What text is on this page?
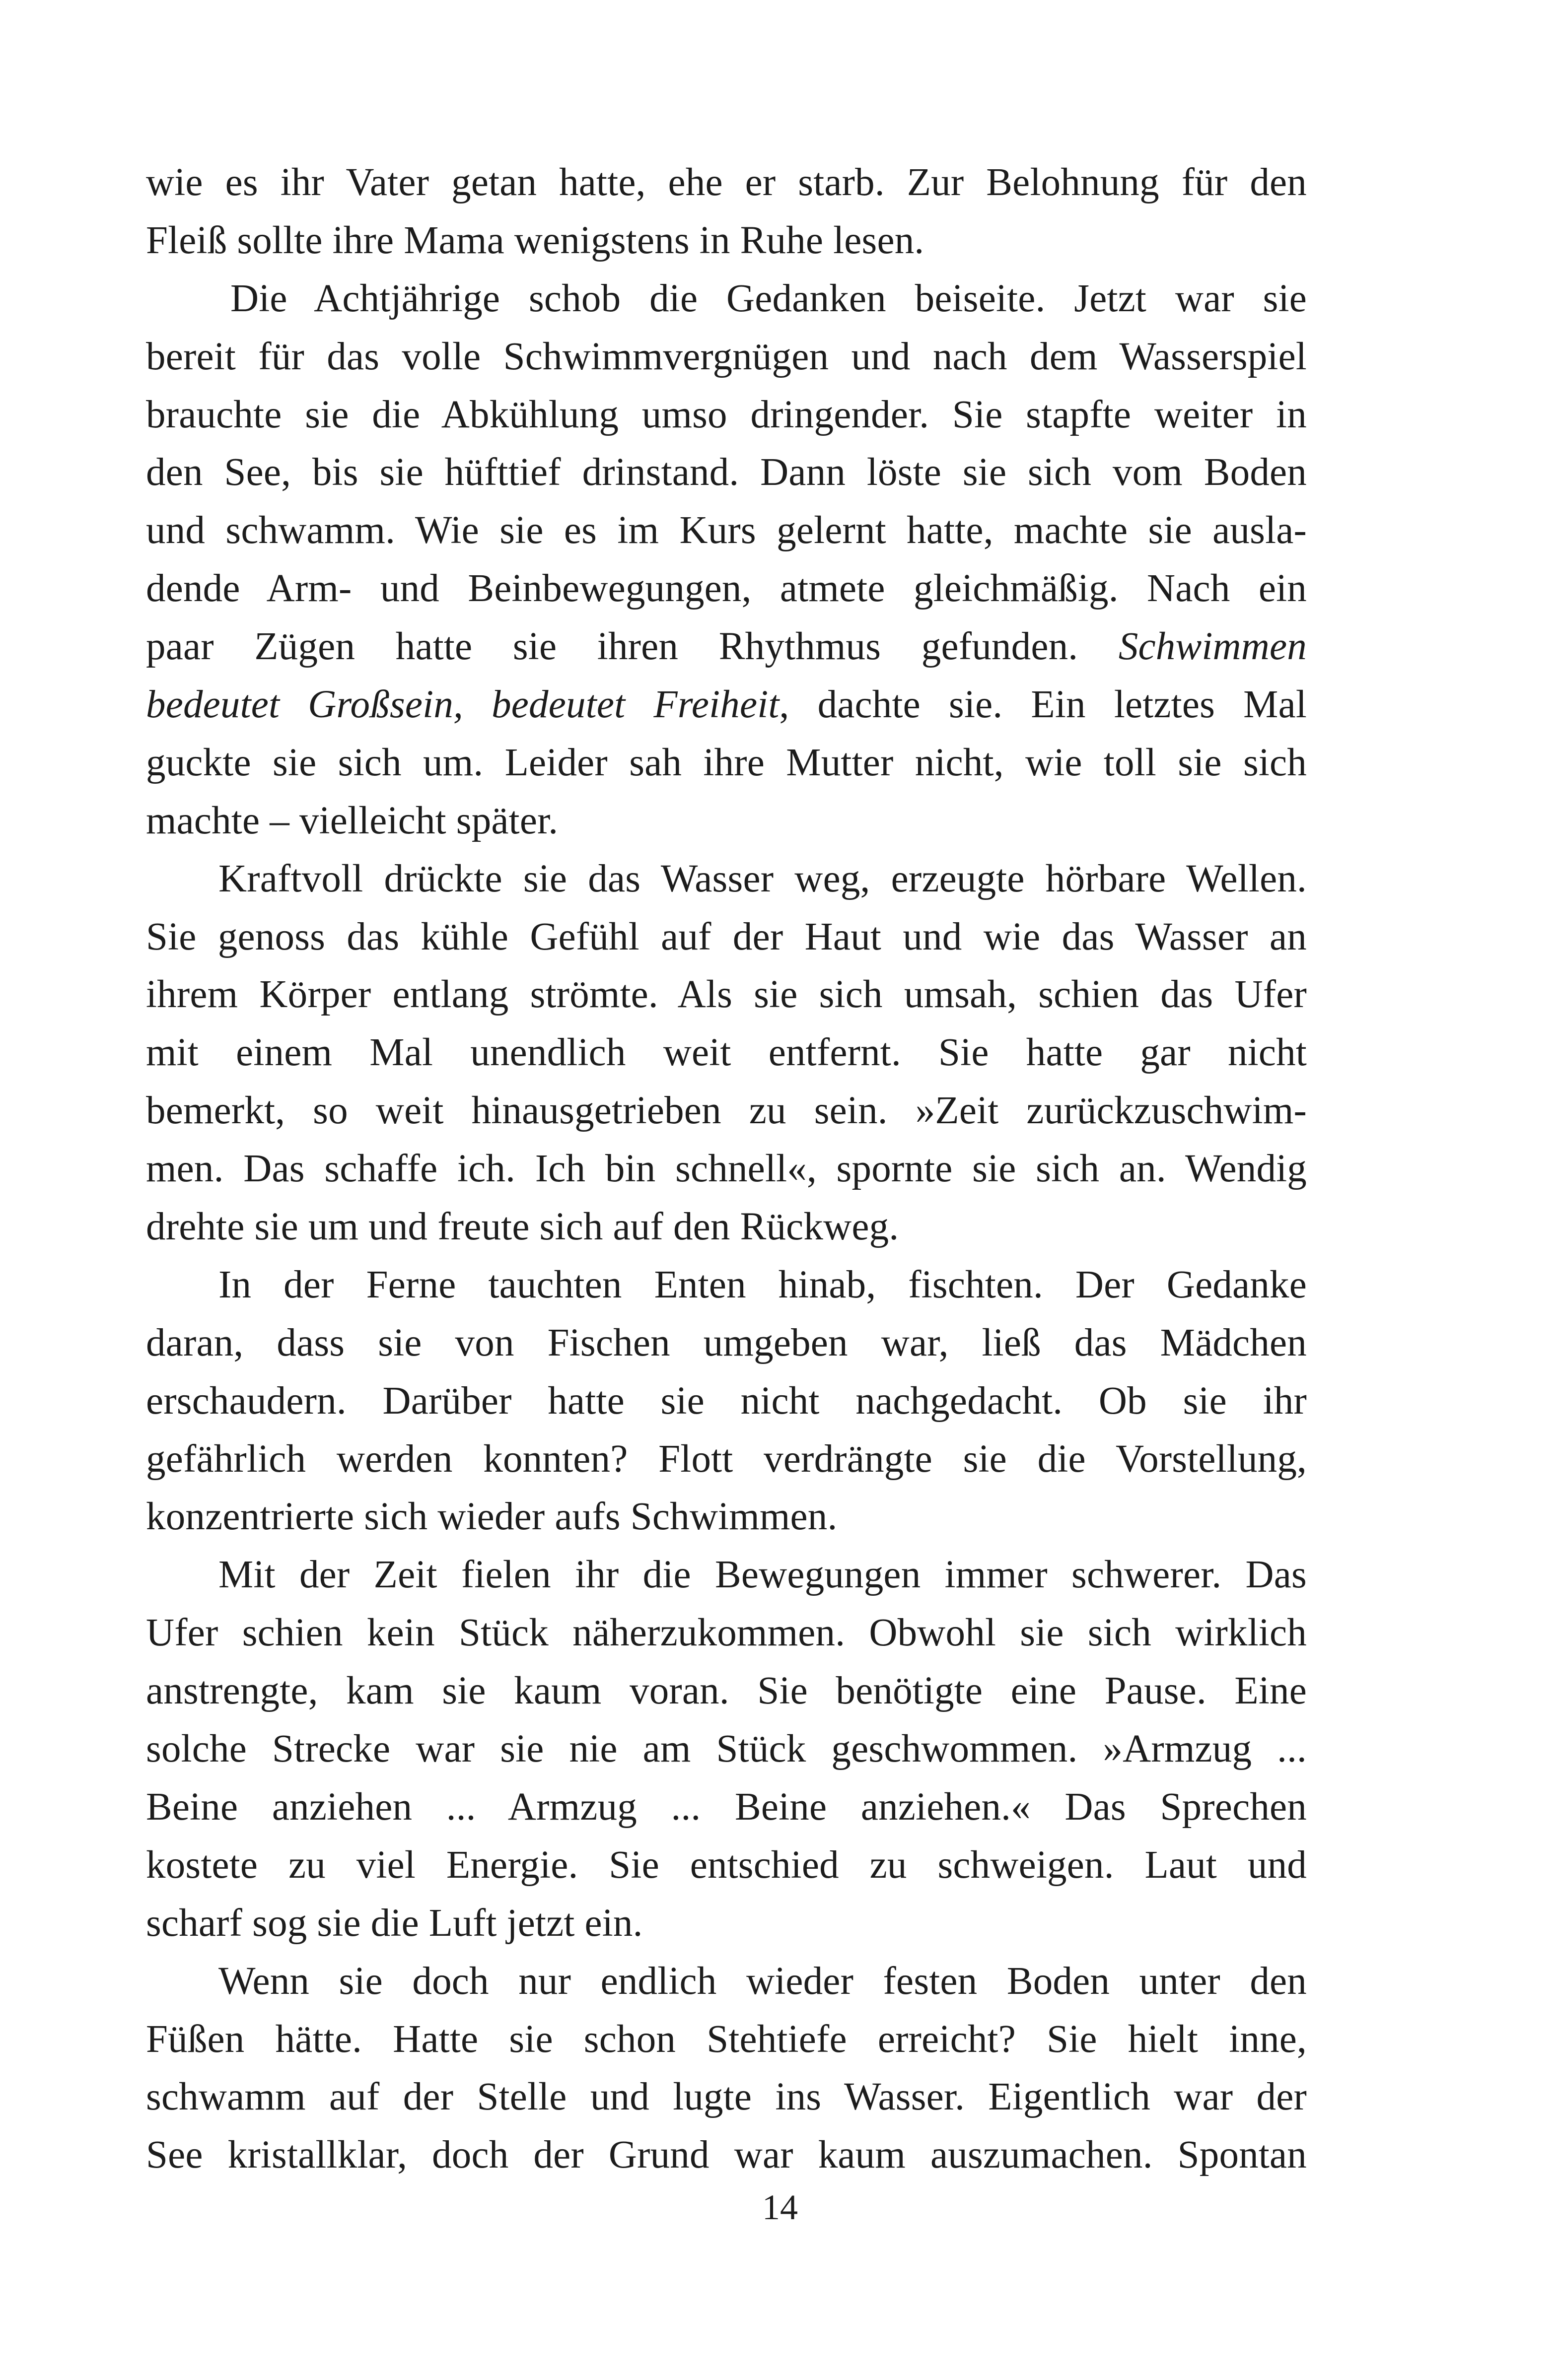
wie es ihr Vater getan hatte, ehe er starb. Zur Belohnung für den
Fleiß sollte ihre Mama wenigstens in Ruhe lesen.
Die Achtjährige schob die Gedanken beiseite. Jetzt war sie
bereit für das volle Schwimmvergnügen und nach dem Wasserspiel
brauchte sie die Abkühlung umso dringender. Sie stapfte weiter in
den See, bis sie hüfttief drinstand. Dann löste sie sich vom Boden
und schwamm. Wie sie es im Kurs gelernt hatte, machte sie ausla-
dende Arm- und Beinbewegungen, atmete gleichmäßig. Nach ein
paar Zügen hatte sie ihren Rhythmus gefunden. Schwimmen
bedeutet Großsein, bedeutet Freiheit, dachte sie. Ein letztes Mal
guckte sie sich um. Leider sah ihre Mutter nicht, wie toll sie sich
machte – vielleicht später.
Kraftvoll drückte sie das Wasser weg, erzeugte hörbare Wellen.
Sie genoss das kühle Gefühl auf der Haut und wie das Wasser an
ihrem Körper entlang strömte. Als sie sich umsah, schien das Ufer
mit einem Mal unendlich weit entfernt. Sie hatte gar nicht
bemerkt, so weit hinausgetrieben zu sein. »Zeit zurückzuschwim-
men. Das schaffe ich. Ich bin schnell«, spornte sie sich an. Wendig
drehte sie um und freute sich auf den Rückweg.
In der Ferne tauchten Enten hinab, fischten. Der Gedanke
daran, dass sie von Fischen umgeben war, ließ das Mädchen
erschaudern. Darüber hatte sie nicht nachgedacht. Ob sie ihr
gefährlich werden konnten? Flott verdrängte sie die Vorstellung,
konzentrierte sich wieder aufs Schwimmen.
Mit der Zeit fielen ihr die Bewegungen immer schwerer. Das
Ufer schien kein Stück näherzukommen. Obwohl sie sich wirklich
anstrengte, kam sie kaum voran. Sie benötigte eine Pause. Eine
solche Strecke war sie nie am Stück geschwommen. »Armzug ...
Beine anziehen ... Armzug ... Beine anziehen.« Das Sprechen
kostete zu viel Energie. Sie entschied zu schweigen. Laut und
scharf sog sie die Luft jetzt ein.
Wenn sie doch nur endlich wieder festen Boden unter den
Füßen hätte. Hatte sie schon Stehtiefe erreicht? Sie hielt inne,
schwamm auf der Stelle und lugte ins Wasser. Eigentlich war der
See kristallklar, doch der Grund war kaum auszumachen. Spontan
14
